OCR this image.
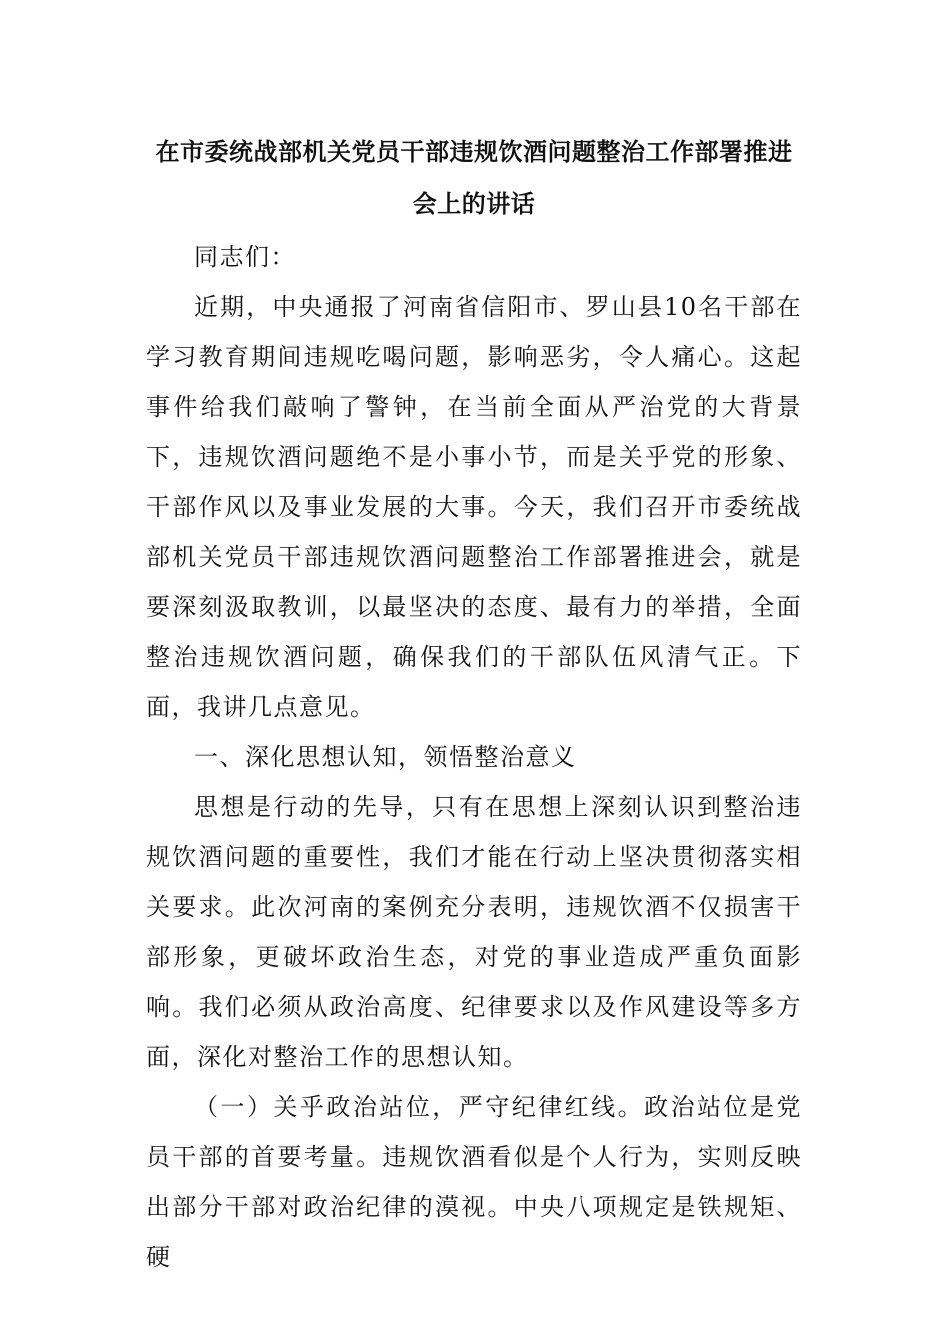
在市委统战部机关党员干部违规饮酒问题整治工作部署推进会上的讲话

同志们：

近期，中央通报了河南省信阳市、罗山县10名干部在学习教育期间违规吃喝问题，影响恶劣，令人痛心。这起事件给我们敲响了警钟，在当前全面从严治党的大背景下，违规饮酒问题绝不是小事小节，而是关乎党的形象、干部作风以及事业发展的大事。今天，我们召开市委统战部机关党员干部违规饮酒问题整治工作部署推进会，就是要深刻汲取教训，以最坚决的态度、最有力的举措，全面整治违规饮酒问题，确保我们的干部队伍风清气正。下面，我讲几点意见。

一、深化思想认知，领悟整治意义

思想是行动的先导，只有在思想上深刻认识到整治违规饮酒问题的重要性，我们才能在行动上坚决贯彻落实相关要求。此次河南的案例充分表明，违规饮酒不仅损害干部形象，更破坏政治生态，对党的事业造成严重负面影响。我们必须从政治高度、纪律要求以及作风建设等多方面，深化对整治工作的思想认知。

（一）关乎政治站位，严守纪律红线。政治站位是党员干部的首要考量。违规饮酒看似是个人行为，实则反映出部分干部对政治纪律的漠视。中央八项规定是铁规矩、硬
